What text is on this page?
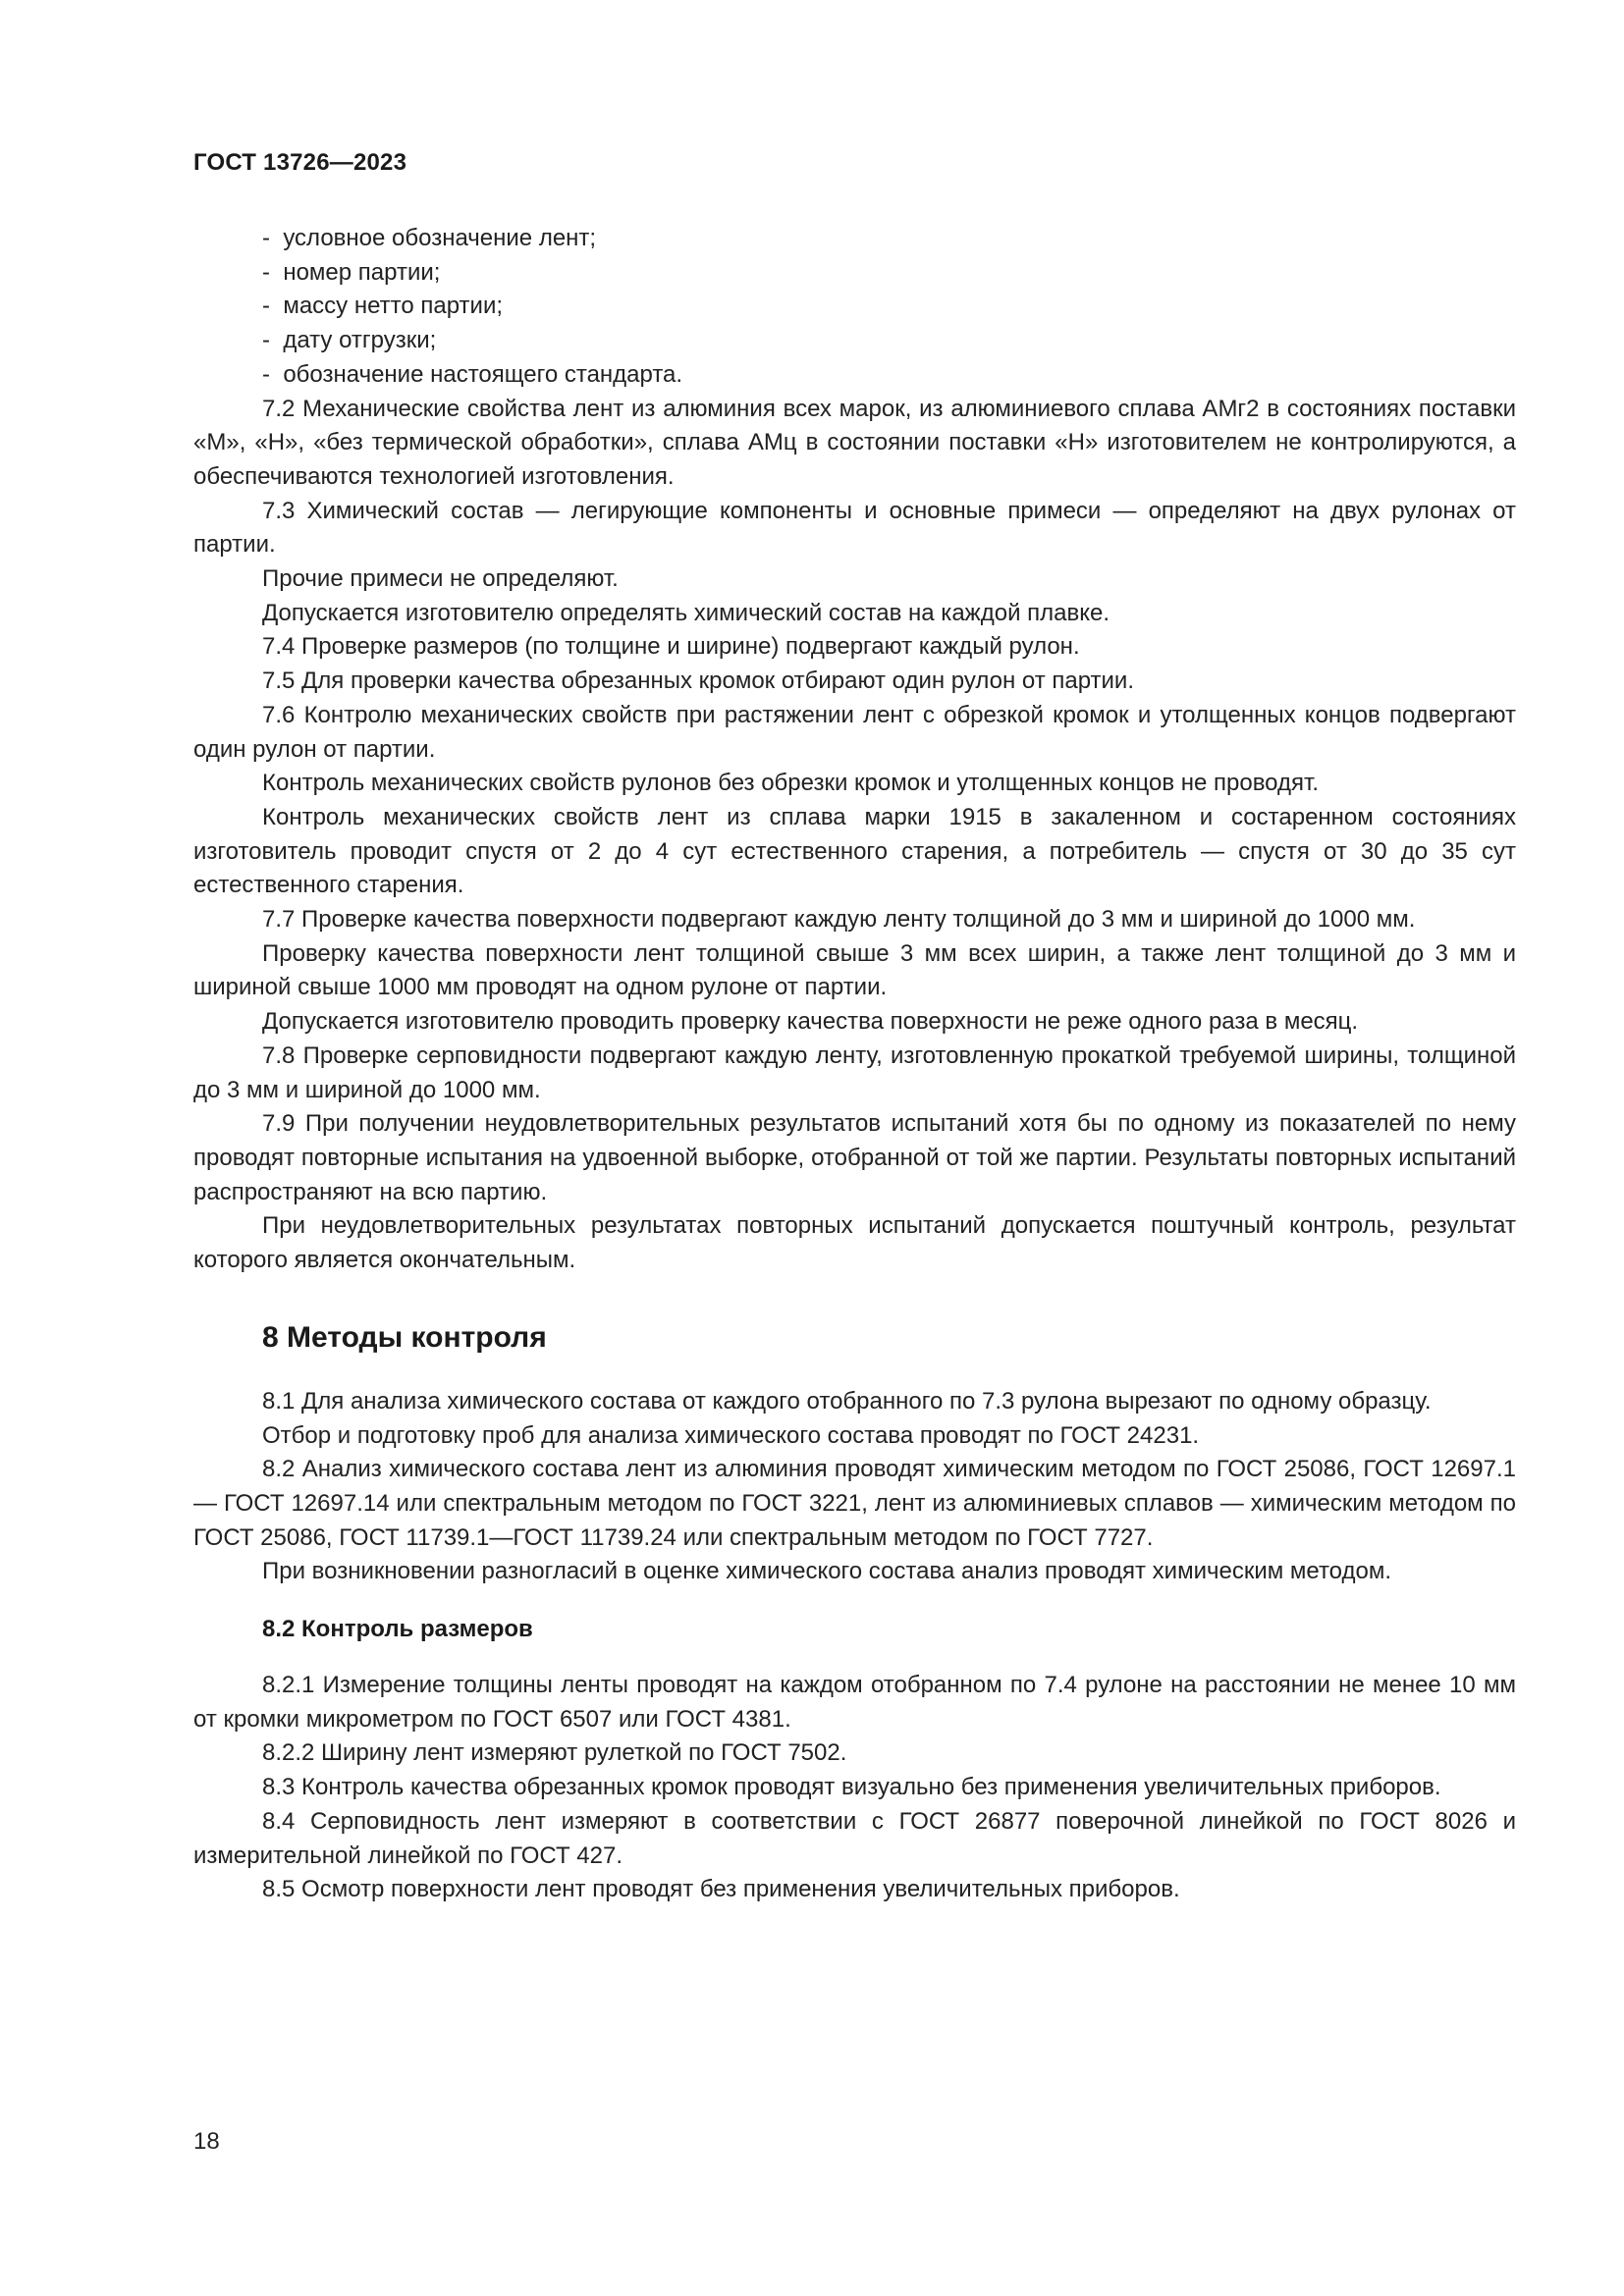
ГОСТ 13726—2023

-  условное обозначение лент;

-  номер партии;

-  массу нетто партии;

-  дату отгрузки;

-  обозначение настоящего стандарта.

7.2 Механические свойства лент из алюминия всех марок, из алюминиевого сплава АМг2 в состояниях поставки «М», «Н», «без термической обработки», сплава АМц в состоянии поставки «Н» изготовителем не контролируются, а обеспечиваются технологией изготовления.

7.3 Химический состав — легирующие компоненты и основные примеси — определяют на двух рулонах от партии.

Прочие примеси не определяют.

Допускается изготовителю определять химический состав на каждой плавке.

7.4 Проверке размеров (по толщине и ширине) подвергают каждый рулон.

7.5 Для проверки качества обрезанных кромок отбирают один рулон от партии.

7.6 Контролю механических свойств при растяжении лент с обрезкой кромок и утолщенных концов подвергают один рулон от партии.

Контроль механических свойств рулонов без обрезки кромок и утолщенных концов не проводят.

Контроль механических свойств лент из сплава марки 1915 в закаленном и состаренном состояниях изготовитель проводит спустя от 2 до 4 сут естественного старения, а потребитель — спустя от 30 до 35 сут естественного старения.

7.7 Проверке качества поверхности подвергают каждую ленту толщиной до 3 мм и шириной до 1000 мм.

Проверку качества поверхности лент толщиной свыше 3 мм всех ширин, а также лент толщиной до 3 мм и шириной свыше 1000 мм проводят на одном рулоне от партии.

Допускается изготовителю проводить проверку качества поверхности не реже одного раза в месяц.

7.8 Проверке серповидности подвергают каждую ленту, изготовленную прокаткой требуемой ширины, толщиной до 3 мм и шириной до 1000 мм.

7.9 При получении неудовлетворительных результатов испытаний хотя бы по одному из показателей по нему проводят повторные испытания на удвоенной выборке, отобранной от той же партии. Результаты повторных испытаний распространяют на всю партию.

При неудовлетворительных результатах повторных испытаний допускается поштучный контроль, результат которого является окончательным.

8 Методы контроля

8.1 Для анализа химического состава от каждого отобранного по 7.3 рулона вырезают по одному образцу.

Отбор и подготовку проб для анализа химического состава проводят по ГОСТ 24231.

8.2 Анализ химического состава лент из алюминия проводят химическим методом по ГОСТ 25086, ГОСТ 12697.1 — ГОСТ 12697.14 или спектральным методом по ГОСТ 3221, лент из алюминиевых сплавов — химическим методом по ГОСТ 25086, ГОСТ 11739.1—ГОСТ 11739.24 или спектральным методом по ГОСТ 7727.

При возникновении разногласий в оценке химического состава анализ проводят химическим методом.

8.2 Контроль размеров

8.2.1 Измерение толщины ленты проводят на каждом отобранном по 7.4 рулоне на расстоянии не менее 10 мм от кромки микрометром по ГОСТ 6507 или ГОСТ 4381.

8.2.2 Ширину лент измеряют рулеткой по ГОСТ 7502.

8.3 Контроль качества обрезанных кромок проводят визуально без применения увеличительных приборов.

8.4 Серповидность лент измеряют в соответствии с ГОСТ 26877 поверочной линейкой по ГОСТ 8026 и измерительной линейкой по ГОСТ 427.

8.5 Осмотр поверхности лент проводят без применения увеличительных приборов.

18
